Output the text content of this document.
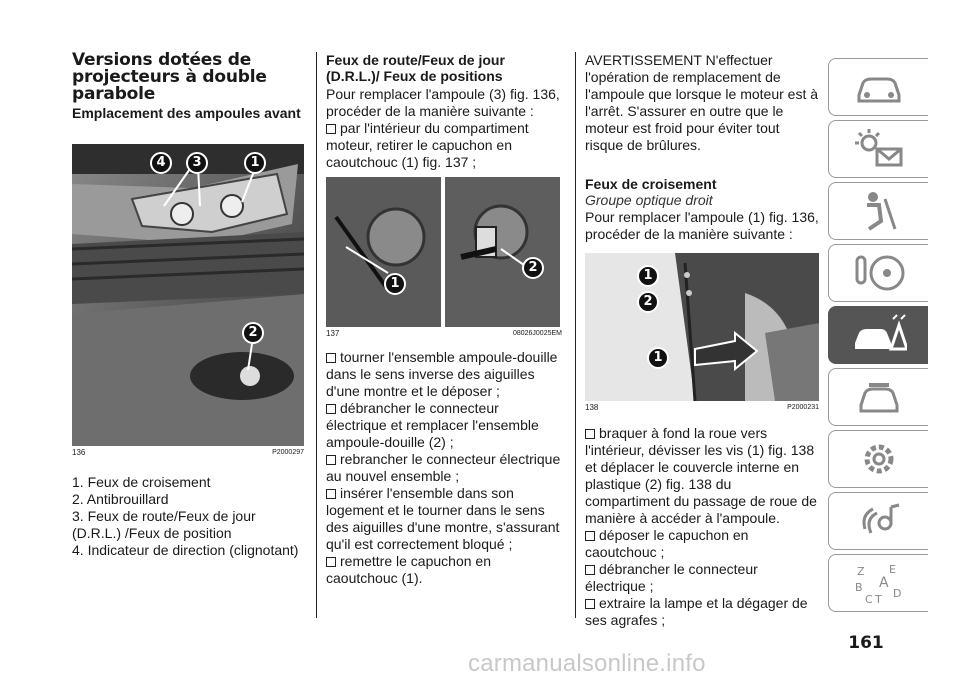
Versions dotées de projecteurs à double parabole
Emplacement des ampoules avant
4	3	1
2
136	P2000297

1. Feux de croisement

2. Antibrouillard

3. Feux de route/Feux de jour (D.R.L.) /Feux de position

4. Indicateur de direction (clignotant)

Feux de route/Feux de jour (D.R.L.)/ Feux de positions

Pour remplacer l'ampoule (3) fig. 136, procéder de la manière suivante :

par l'intérieur du compartiment moteur, retirer le capuchon en caoutchouc (1) fig. 137 ;
1
2
137	08026J0025EM
tourner l'ensemble ampoule-douille dans le sens inverse des aiguilles d'une montre et le déposer ;
débrancher le connecteur électrique et remplacer l'ensemble ampoule-douille (2) ;
rebrancher le connecteur électrique au nouvel ensemble ;
insérer l'ensemble dans son logement et le tourner dans le sens des aiguilles d'une montre, s'assurant qu'il est correctement bloqué ;
remettre le capuchon en caoutchouc (1).

AVERTISSEMENT N'effectuer l'opération de remplacement de l'ampoule que lorsque le moteur est à l'arrêt. S'assurer en outre que le moteur est froid pour éviter tout risque de brûlures.

Feux de croisement
Groupe optique droit

Pour remplacer l'ampoule (1) fig. 136, procéder de la manière suivante :

1
2
1
138	P2000231
braquer à fond la roue vers l'intérieur, dévisser les vis (1) fig. 138 et déplacer le couvercle interne en plastique (2) fig. 138 du compartiment du passage de roue de manière à accéder à l'ampoule.
déposer le capuchon en caoutchouc ;
débrancher le connecteur électrique ;
extraire la lampe et la dégager de ses agrafes ;
Z E
B A
C T D
161
carmanualsonline.info
